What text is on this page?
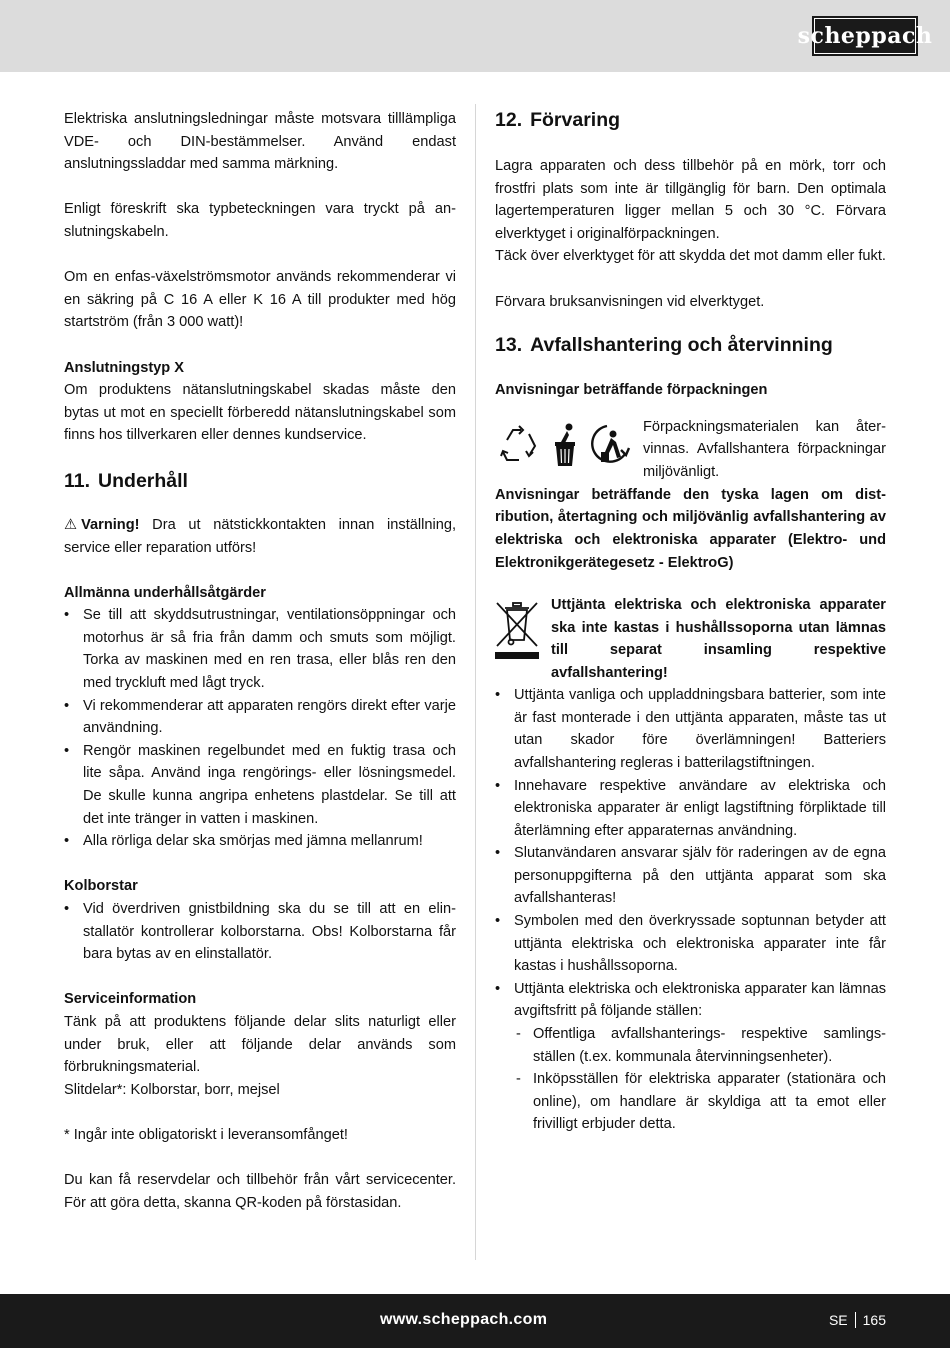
scheppach

Elektriska anslutningsledningar måste motsvara tilllämpliga VDE- och DIN-bestämmelser. Använd endast anslutningssladdar med samma märkning.

Enligt föreskrift ska typbeteckningen vara tryckt på anslutningskabeln.

Om en enfas-växelströmsmotor används rekommenderar vi en säkring på C 16 A eller K 16 A till produkter med hög startström (från 3 000 watt)!

Anslutningstyp X

Om produktens nätanslutningskabel skadas måste den bytas ut mot en speciellt förberedd nätanslutningskabel som finns hos tillverkaren eller dennes kundservice.

11. Underhåll

⚠ Varning! Dra ut nätstickkontakten innan inställning, service eller reparation utförs!

Allmänna underhållsåtgärder

• Se till att skyddsutrustningar, ventilationsöppningar och motorhus är så fria från damm och smuts som möjligt. Torka av maskinen med en ren trasa, eller blås ren den med tryckluft med lågt tryck.
• Vi rekommenderar att apparaten rengörs direkt efter varje användning.
• Rengör maskinen regelbundet med en fuktig trasa och lite såpa. Använd inga rengörings- eller lösningsmedel. De skulle kunna angripa enhetens plastdelar. Se till att det inte tränger in vatten i maskinen.
• Alla rörliga delar ska smörjas med jämna mellanrum!

Kolborstar

• Vid överdriven gnistbildning ska du se till att en elinstallatör kontrollerar kolborstarna. Obs! Kolborstarna får bara bytas av en elinstallatör.

Serviceinformation

Tänk på att produktens följande delar slits naturligt eller under bruk, eller att följande delar används som förbrukningsmaterial.

Slitdelar*: Kolborstar, borr, mejsel

* Ingår inte obligatoriskt i leveransomfånget!

Du kan få reservdelar och tillbehör från vårt servicecenter. För att göra detta, skanna QR-koden på förstasidan.

12. Förvaring

Lagra apparaten och dess tillbehör på en mörk, torr och frostfri plats som inte är tillgänglig för barn. Den optimala lagertemperaturen ligger mellan 5 och 30 °C. Förvara elverktyget i originalförpackningen.

Täck över elverktyget för att skydda det mot damm eller fukt.

Förvara bruksanvisningen vid elverktyget.

13. Avfallshantering och återvinning

Anvisningar beträffande förpackningen

Förpackningsmaterialen kan återvinnas. Avfallshantera förpackningar miljövänligt.

Anvisningar beträffande den tyska lagen om distribution, återtagning och miljövänlig avfallshantering av elektriska och elektroniska apparater (Elektro- und Elektronikgerätegesetz - ElektroG)

Uttjänta elektriska och elektroniska apparater ska inte kastas i hushållssoporna utan lämnas till separat insamling respektive avfallshantering!

• Uttjänta vanliga och uppladdningsbara batterier, som inte är fast monterade i den uttjänta apparaten, måste tas ut utan skador före överlämningen! Batteriers avfallshantering regleras i batterilagstiftningen.
• Innehavare respektive användare av elektriska och elektroniska apparater är enligt lagstiftning förpliktade till återlämning efter apparaternas användning.
• Slutanvändaren ansvarar själv för raderingen av de egna personuppgifterna på den uttjänta apparat som ska avfallshanteras!
• Symbolen med den överkryssade soptunnan betyder att uttjänta elektriska och elektroniska apparater inte får kastas i hushållssoporna.
• Uttjänta elektriska och elektroniska apparater kan lämnas avgiftsfritt på följande ställen:
- Offentliga avfallshanterings- respektive samlingsställen (t.ex. kommunala återvinningsenheter).
- Inköpsställen för elektriska apparater (stationära och online), om handlare är skyldiga att ta emot eller frivilligt erbjuder detta.
www.scheppach.com	SE 165
